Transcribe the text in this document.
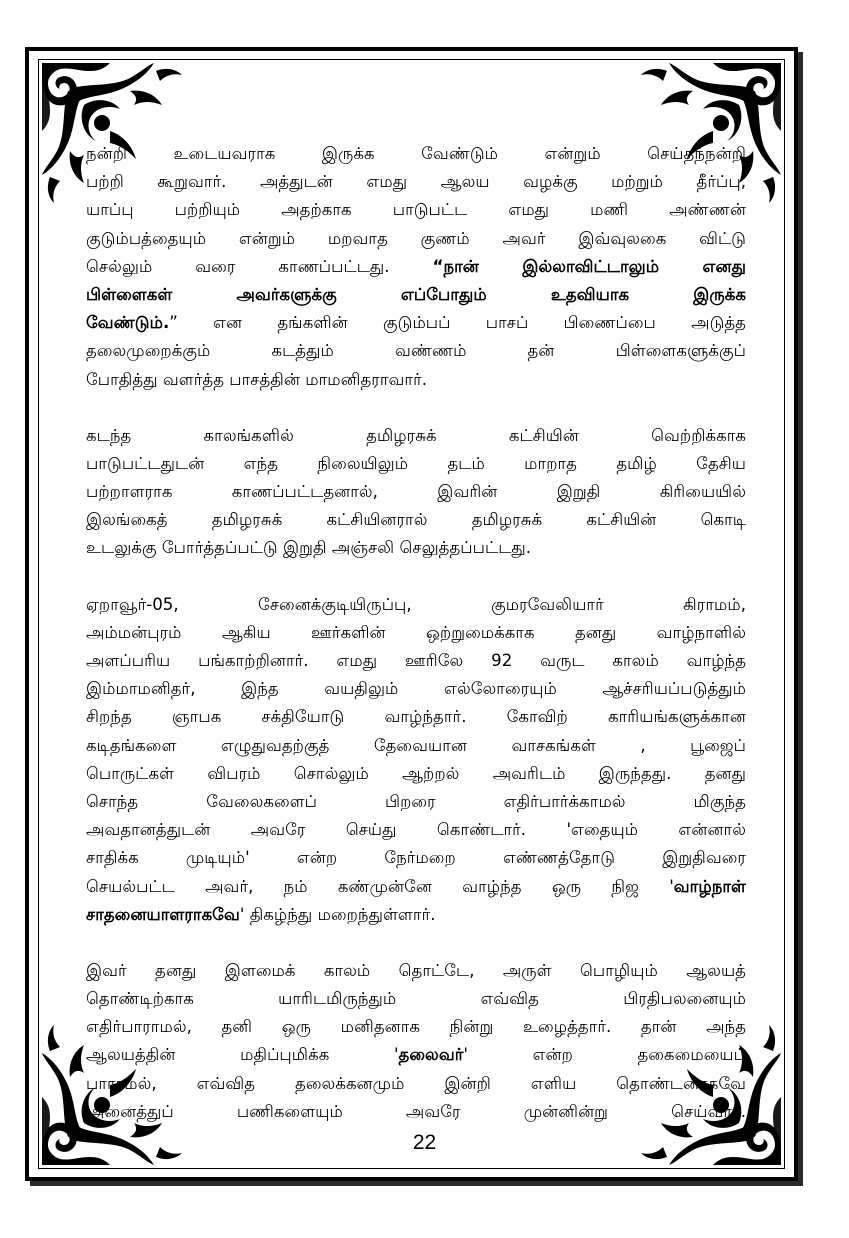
நன்றி உடையவராக இருக்க வேண்டும் என்றும் செய்தந்நன்றி
பற்றி கூறுவார். அத்துடன் எமது ஆலய வழக்கு மற்றும் தீர்ப்பு,
யாப்பு பற்றியும் அதற்காக பாடுபட்ட எமது மணி அண்ணன்
குடும்பத்தையும் என்றும் மறவாத குணம் அவர் இவ்வுலகை விட்டு
செல்லும் வரை காணப்பட்டது. “நான் இல்லாவிட்டாலும் எனது
பிள்ளைகள் அவர்களுக்கு எப்போதும் உதவியாக இருக்க
வேண்டும்.” என தங்களின் குடும்பப் பாசப் பிணைப்பை அடுத்த
தலைமுறைக்கும் கடத்தும் வண்ணம் தன் பிள்ளைகளுக்குப்
போதித்து வளர்த்த பாசத்தின் மாமனிதராவார்.
கடந்த காலங்களில் தமிழரசுக் கட்சியின் வெற்றிக்காக
பாடுபட்டதுடன் எந்த நிலையிலும் தடம் மாறாத தமிழ் தேசிய
பற்றாளராக காணப்பட்டதனால், இவரின் இறுதி கிரியையில்
இலங்கைத் தமிழரசுக் கட்சியினரால் தமிழரசுக் கட்சியின் கொடி
உடலுக்கு போர்த்தப்பட்டு இறுதி அஞ்சலி செலுத்தப்பட்டது.
ஏறாவூர்-05, சேனைக்குடியிருப்பு, குமரவேலியார் கிராமம்,
அம்மன்புரம் ஆகிய ஊர்களின் ஒற்றுமைக்காக தனது வாழ்நாளில்
அளப்பரிய பங்காற்றினார். எமது ஊரிலே 92 வருட காலம் வாழ்ந்த
இம்மாமனிதர், இந்த வயதிலும் எல்லோரையும் ஆச்சரியப்படுத்தும்
சிறந்த ஞாபக சக்தியோடு வாழ்ந்தார். கோவிற் காரியங்களுக்கான
கடிதங்களை எழுதுவதற்குத் தேவையான வாசகங்கள் , பூஜைப்
பொருட்கள் விபரம் சொல்லும் ஆற்றல் அவரிடம் இருந்தது. தனது
சொந்த வேலைகளைப் பிறரை எதிர்பார்க்காமல் மிகுந்த
அவதானத்துடன் அவரே செய்து கொண்டார். 'எதையும் என்னால்
சாதிக்க முடியும்' என்ற நேர்மறை எண்ணத்தோடு இறுதிவரை
செயல்பட்ட அவர், நம் கண்முன்னே வாழ்ந்த ஒரு நிஜ 'வாழ்நாள்
சாதனையாளராகவே' திகழ்ந்து மறைந்துள்ளார்.
இவர் தனது இளமைக் காலம் தொட்டே, அருள் பொழியும் ஆலயத்
தொண்டிற்காக யாரிடமிருந்தும் எவ்வித பிரதிபலனையும்
எதிர்பாராமல், தனி ஒரு மனிதனாக நின்று உழைத்தார். தான் அந்த
ஆலயத்தின் மதிப்புமிக்க 'தலைவர்' என்ற தகைமையைப்
பாராமல், எவ்வித தலைக்கனமும் இன்றி எளிய தொண்டனாகவே
அனைத்துப் பணிகளையும் அவரே முன்னின்று செய்வார்.
22
